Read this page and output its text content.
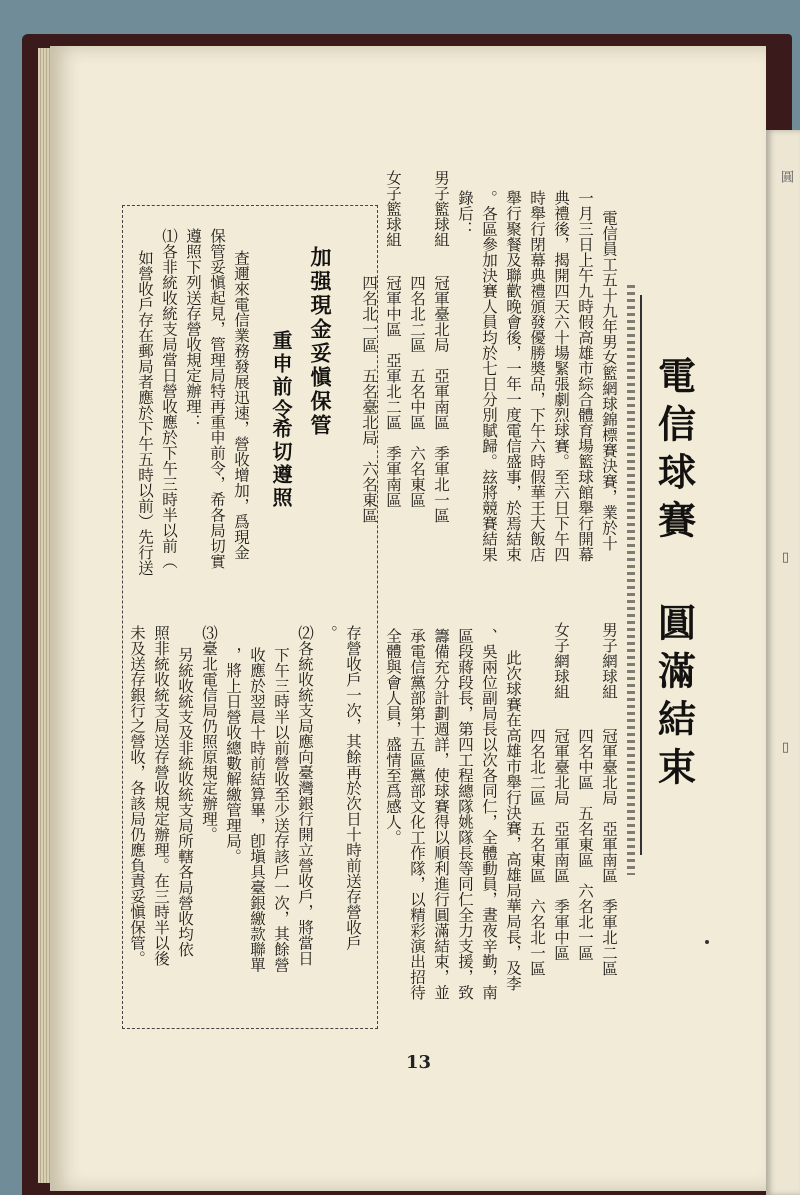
圓
▯
▯
電信球賽 圓滿結束
電信員工五十九年男女籃網球錦標賽決賽，業於十
一月三日上午九時假高雄市綜合體育場籃球館舉行開幕
典禮後，揭開四天六十場緊張劇烈球賽。至六日下午四
時舉行閉幕典禮頒發優勝奬品，下午六時假華王大飯店
舉行聚餐及聯歡晚會後，一年一度電信盛事，於焉結束
。各區參加決賽人員均於七日分別賦歸。玆將競賽結果
錄后：
男子籃球組
冠軍臺北局　亞軍南區　季軍北一區
四名北二區　五名中區　六名東區
女子籃球組
冠軍中區　亞軍北二區　季軍南區
四名北一區　五名臺北局　六名東區
男子網球組
冠軍臺北局　亞軍南區　季軍北二區
四名中區　五名東區　六名北一區
女子網球組
冠軍臺北局　亞軍南區　季軍中區
四名北二區　五名東區　六名北一區
此次球賽在高雄市舉行決賽，高雄局華局長，及李
、吳兩位副局長以次各同仁，全體動員，晝夜辛勤，南
區段蔣段長，第四工程總隊姚隊長等同仁全力支援，致
籌備充分計劃週詳，使球賽得以順利進行圓滿結束，並
承電信黨部第十五區黨部文化工作隊，以精彩演出招待
全體與會人員，盛情至爲感人。
加强現金妥愼保管
重申前令
希切遵照
査邇來電信業務發展迅速，營收增加，爲現金
保管妥愼起見，管理局特再重申前令，希各局切實
遵照下列送存營收規定辦理：
⑴各非統收統支局當日營收應於下午三時半以前（
如營收戶存在郵局者應於下午五時以前）先行送
存營收戶一次，其餘再於次日十時前送存營收戶
。
⑵各統收統支局應向臺灣銀行開立營收戶，將當日
下午三時半以前營收至少送存該戶一次，其餘營
收應於翌晨十時前結算畢，卽塡具臺銀繳款聯單
，將上日營收總數解繳管理局。
⑶臺北電信局仍照原規定辦理。
另統收統支及非統收統支局所轄各局營收均依
照非統收統支局送存營收規定辦理。在三時半以後
未及送存銀行之營收，各該局仍應負責妥愼保管。
13
